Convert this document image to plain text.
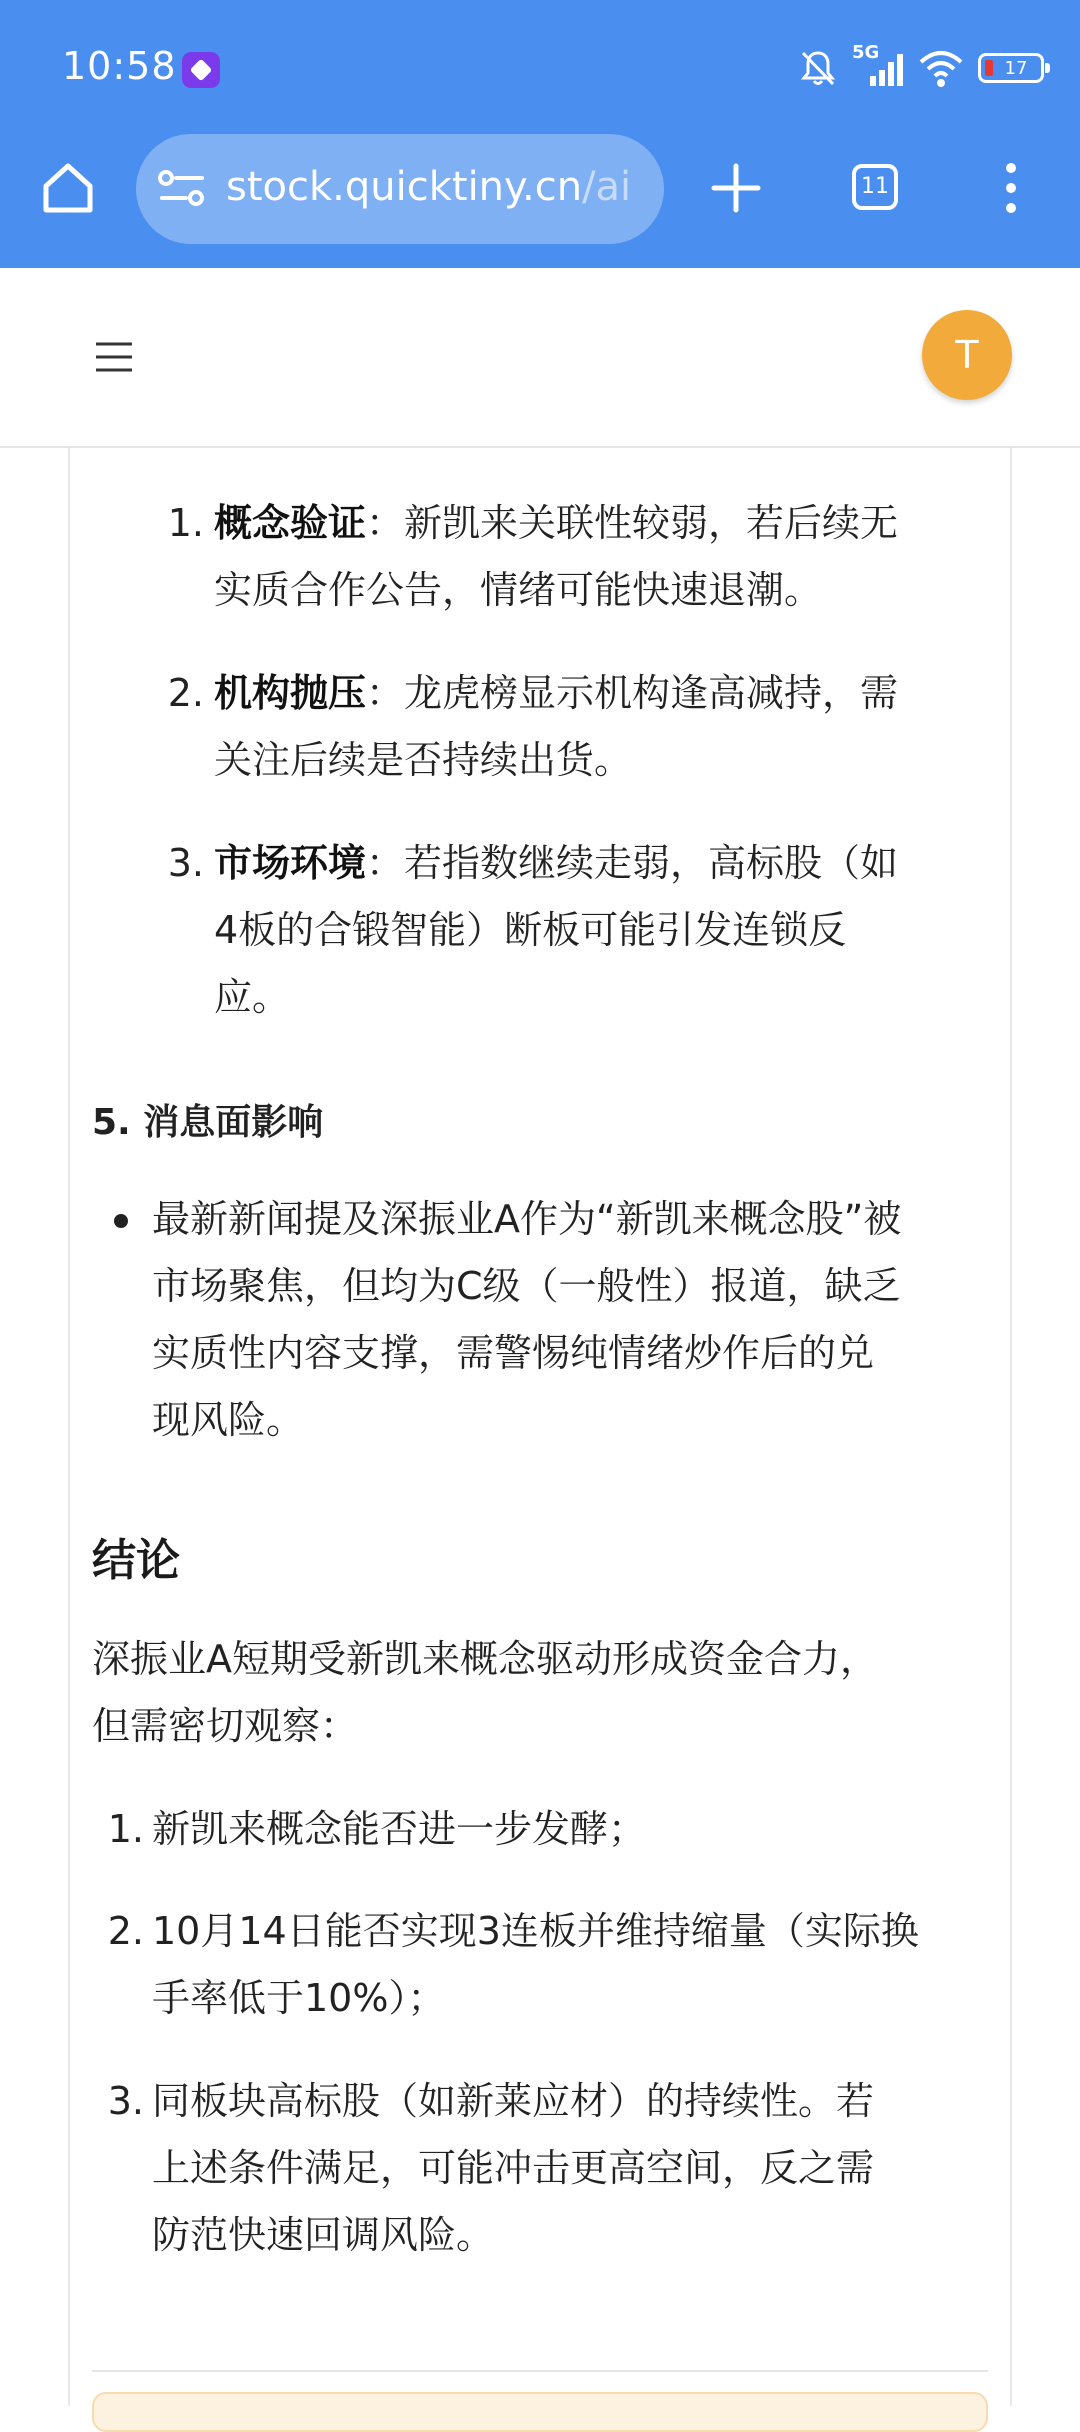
10:58	5G
17
stock.quicktiny.cn/ai	11
T
1. 概念验证：新凯来关联性较弱，若后续无
实质合作公告，情绪可能快速退潮。
2. 机构抛压：龙虎榜显示机构逢高减持，需
关注后续是否持续出货。
3. 市场环境：若指数继续走弱，高标股（如
4板的合锻智能）断板可能引发连锁反
应。
5. 消息面影响
最新新闻提及深振业A作为“新凯来概念股”被
市场聚焦，但均为C级（一般性）报道，缺乏
实质性内容支撑，需警惕纯情绪炒作后的兑
现风险。
结论
深振业A短期受新凯来概念驱动形成资金合力，
但需密切观察：
1. 新凯来概念能否进一步发酵；
2. 10月14日能否实现3连板并维持缩量（实际换
手率低于10%）；
3. 同板块高标股（如新莱应材）的持续性。若
上述条件满足，可能冲击更高空间，反之需
防范快速回调风险。
